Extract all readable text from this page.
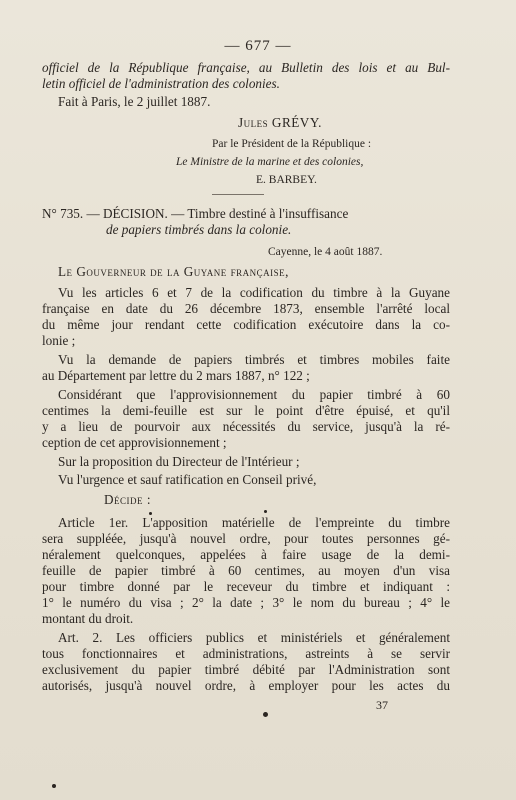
— 677 —
officiel de la République française, au Bulletin des lois et au Bul-
letin officiel de l'administration des colonies.
Fait à Paris, le 2 juillet 1887.
Jules GRÉVY.
Par le Président de la République :
Le Ministre de la marine et des colonies,
E. BARBEY.
N° 735. — DÉCISION. — Timbre destiné à l'insuffisance
de papiers timbrés dans la colonie.
Cayenne, le 4 août 1887.
Le Gouverneur de la Guyane française,
Vu les articles 6 et 7 de la codification du timbre à la Guyane
française en date du 26 décembre 1873, ensemble l'arrêté local
du même jour rendant cette codification exécutoire dans la co-
lonie ;
Vu la demande de papiers timbrés et timbres mobiles faite
au Département par lettre du 2 mars 1887, n° 122 ;
Considérant que l'approvisionnement du papier timbré à 60
centimes la demi-feuille est sur le point d'être épuisé, et qu'il
y a lieu de pourvoir aux nécessités du service, jusqu'à la ré-
ception de cet approvisionnement ;
Sur la proposition du Directeur de l'Intérieur ;
Vu l'urgence et sauf ratification en Conseil privé,
Décide :
Article 1er. L'apposition matérielle de l'empreinte du timbre
sera suppléée, jusqu'à nouvel ordre, pour toutes personnes gé-
néralement quelconques, appelées à faire usage de la demi-
feuille de papier timbré à 60 centimes, au moyen d'un visa
pour timbre donné par le receveur du timbre et indiquant :
1° le numéro du visa ; 2° la date ; 3° le nom du bureau ; 4° le
montant du droit.
Art. 2. Les officiers publics et ministériels et généralement
tous fonctionnaires et administrations, astreints à se servir
exclusivement du papier timbré débité par l'Administration sont
autorisés, jusqu'à nouvel ordre, à employer pour les actes du
37
